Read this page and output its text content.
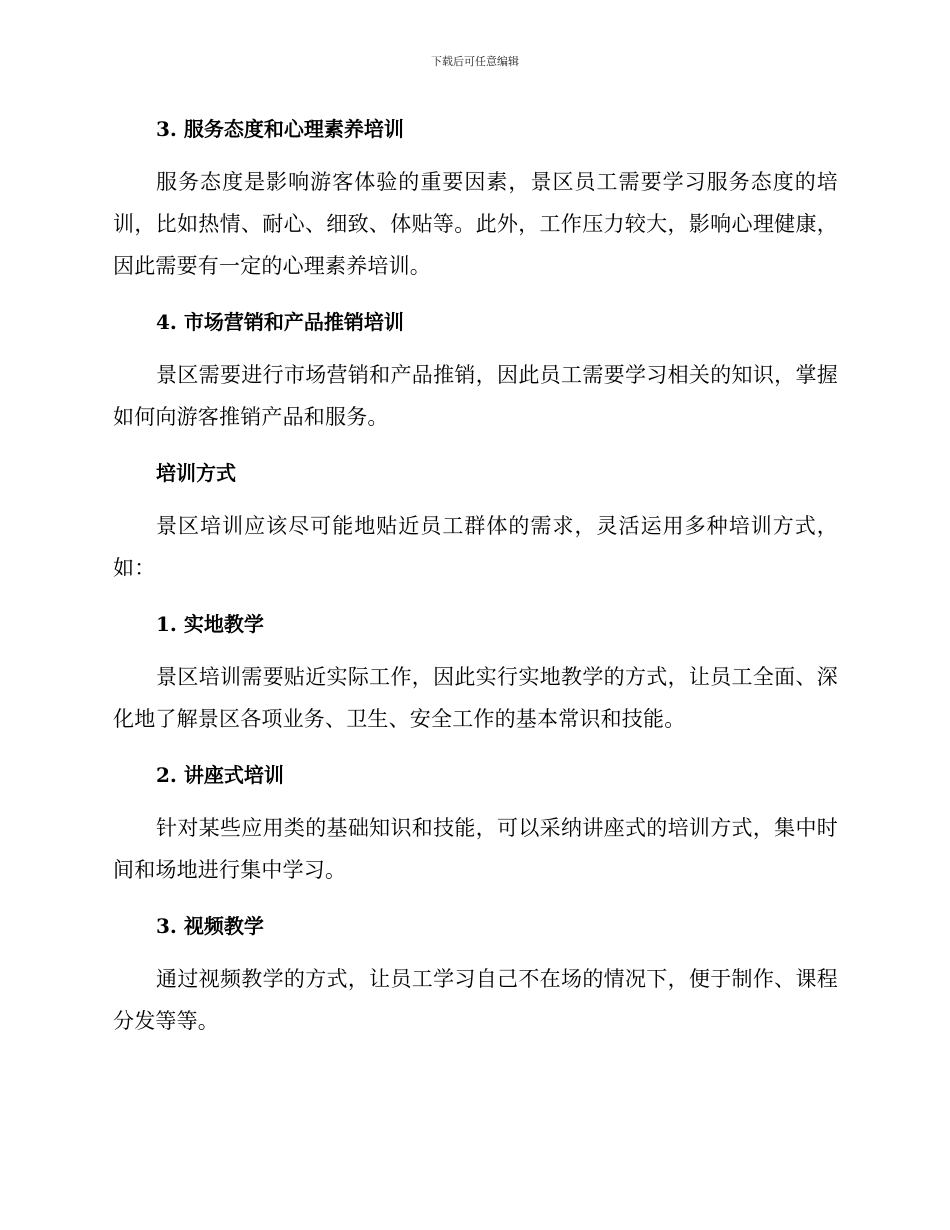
下载后可任意编辑
3. 服务态度和心理素养培训

服务态度是影响游客体验的重要因素，景区员工需要学习服务态度的培训，比如热情、耐心、细致、体贴等。此外，工作压力较大，影响心理健康，因此需要有一定的心理素养培训。

4. 市场营销和产品推销培训

景区需要进行市场营销和产品推销，因此员工需要学习相关的知识，掌握如何向游客推销产品和服务。

培训方式

景区培训应该尽可能地贴近员工群体的需求，灵活运用多种培训方式，如：

1. 实地教学

景区培训需要贴近实际工作，因此实行实地教学的方式，让员工全面、深化地了解景区各项业务、卫生、安全工作的基本常识和技能。

2. 讲座式培训

针对某些应用类的基础知识和技能，可以采纳讲座式的培训方式，集中时间和场地进行集中学习。

3. 视频教学

通过视频教学的方式，让员工学习自己不在场的情况下，便于制作、课程分发等等。
